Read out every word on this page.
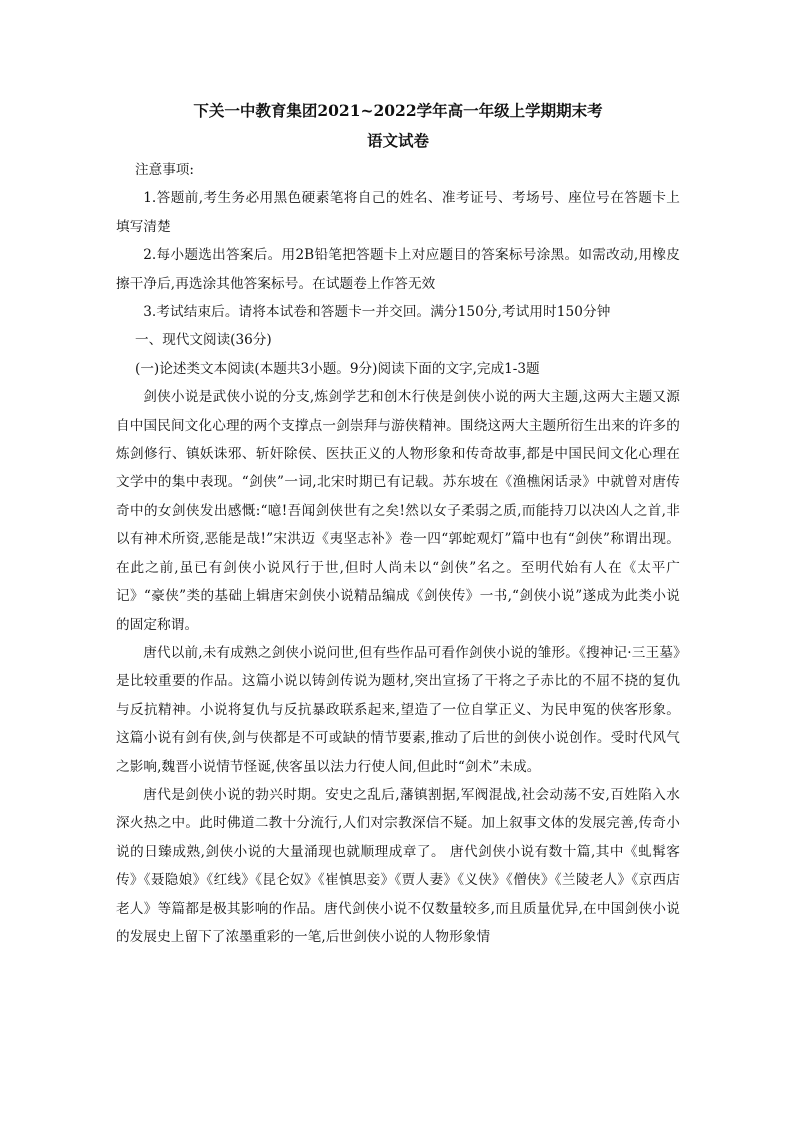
下关一中教育集团2021~2022学年高一年级上学期期末考
语文试卷

注意事项:

1.答题前,考生务必用黑色硬素笔将自己的姓名、准考证号、考场号、座位号在答题卡上填写清楚

2.每小题选出答案后。用2B铅笔把答题卡上对应题目的答案标号涂黑。如需改动,用橡皮擦干净后,再选涂其他答案标号。在试题卷上作答无效

3.考试结束后。请将本试卷和答题卡一并交回。满分150分,考试用时150分钟

一、现代文阅读(36分)

(一)论述类文本阅读(本题共3小题。9分)阅读下面的文字,完成1-3题

剑侠小说是武侠小说的分支,炼剑学艺和创木行侠是剑侠小说的两大主题,这两大主题又源自中国民间文化心理的两个支撑点一剑崇拜与游侠精神。围绕这两大主题所衍生出来的许多的炼剑修行、镇妖诛邪、斩奸除侯、医扶正义的人物形象和传奇故事,都是中国民间文化心理在文学中的集中表现。“剑侠”一词,北宋时期已有记载。苏东坡在《渔樵闲话录》中就曾对唐传奇中的女剑侠发出感慨:“噫!吾闻剑侠世有之矣!然以女子柔弱之质,而能持刀以决凶人之首,非以有神术所资,恶能是哉!”宋洪迈《夷坚志补》卷一四“郭蛇观灯”篇中也有“剑侠”称谓出现。在此之前,虽已有剑侠小说风行于世,但时人尚未以“剑侠”名之。至明代始有人在《太平广记》“豪侠”类的基础上辑唐宋剑侠小说精品编成《剑侠传》一书,“剑侠小说”遂成为此类小说的固定称谓。

唐代以前,未有成熟之剑侠小说问世,但有些作品可看作剑侠小说的雏形。《搜神记·三王墓》是比较重要的作品。这篇小说以铸剑传说为题材,突出宣扬了干将之子赤比的不屈不挠的复仇与反抗精神。小说将复仇与反抗暴政联系起来,望造了一位自掌正义、为民申冤的侠客形象。这篇小说有剑有侠,剑与侠都是不可或缺的情节要素,推动了后世的剑侠小说创作。受时代风气之影响,魏晋小说情节怪诞,侠客虽以法力行使人间,但此时“剑术”未成。

唐代是剑侠小说的勃兴时期。安史之乱后,藩镇割据,军阀混战,社会动荡不安,百姓陷入水深火热之中。此时佛道二教十分流行,人们对宗教深信不疑。加上叙事文体的发展完善,传奇小说的日臻成熟,剑侠小说的大量涌现也就顺理成章了。 唐代剑侠小说有数十篇,其中《虬髯客传》《聂隐娘》《红线》《昆仑奴》《崔慎思妾》《贾人妻》《义侠》《僧侠》《兰陵老人》《京西店老人》等篇都是极其影响的作品。唐代剑侠小说不仅数量较多,而且质量优异,在中国剑侠小说的发展史上留下了浓墨重彩的一笔,后世剑侠小说的人物形象情
